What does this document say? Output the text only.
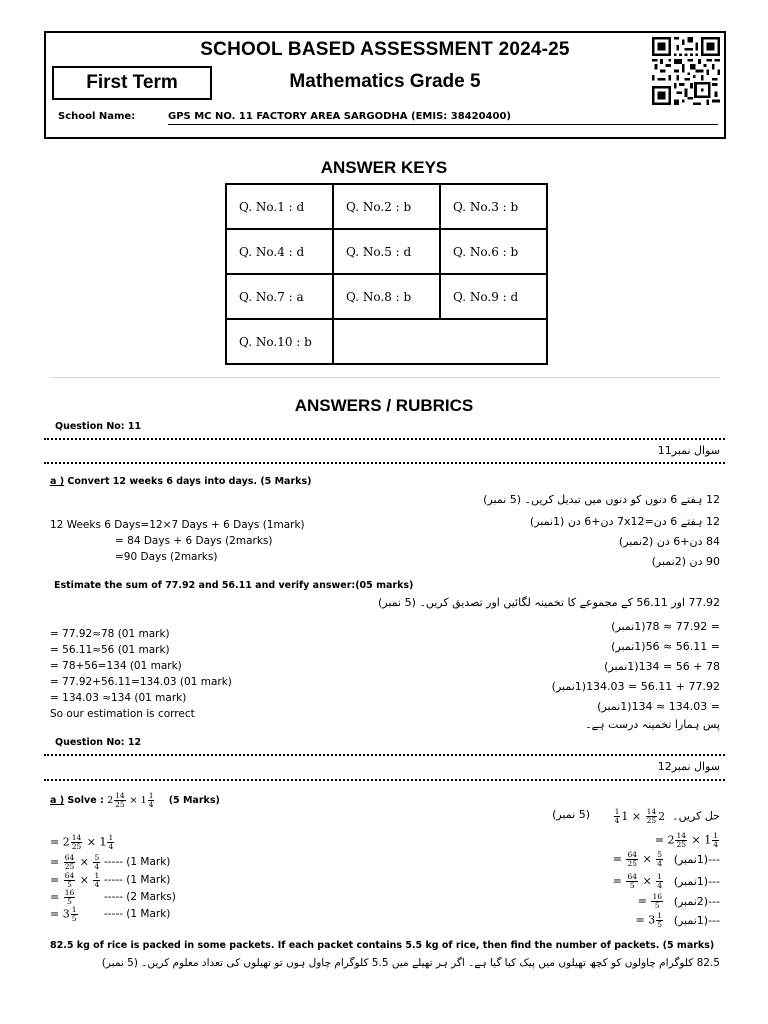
SCHOOL BASED ASSESSMENT 2024-25
First Term	Mathematics Grade 5
School Name:	GPS MC NO. 11 FACTORY AREA SARGODHA (EMIS: 38420400)
ANSWER KEYS
Q. No.1 : d	Q. No.2 : b	Q. No.3 : b
Q. No.4 : d	Q. No.5 : d	Q. No.6 : b
Q. No.7 : a	Q. No.8 : b	Q. No.9 : d
Q. No.10 : b		
ANSWERS / RUBRICS
Question No: 11
سوال نمبر11
a ) Convert 12 weeks 6 days into days. (5 Marks)
12 ہفتے 6 دنوں کو دنوں میں تبدیل کریں۔ (5 نمبر)
12 Weeks 6 Days=12×7 Days + 6 Days (1mark)
= 84 Days + 6 Days (2marks)
=90 Days (2marks)
12 ہفتے 6 دن=7x12 دن+6 دن (1نمبر)
84 دن+6 دن (2نمبر)
90 دن (2نمبر)
Estimate the sum of 77.92 and 56.11 and verify answer:(05 marks)
77.92 اور 56.11 کے مجموعے کا تخمینہ لگائیں اور تصدیق کریں۔ (5 نمبر)
= 77.92≈78 (01 mark)
= 56.11≈56 (01 mark)
= 78+56=134 (01 mark)
= 77.92+56.11=134.03 (01 mark)
= 134.03 ≈134 (01 mark)
So our estimation is correct
= 77.92 ≈ 78(1نمبر)
= 56.11 ≈ 56(1نمبر)
78 + 56 = 134(1نمبر)
77.92 + 56.11 = 134.03(1نمبر)
= 134.03 ≈ 134(1نمبر)
پس ہمارا تخمینہ درست ہے۔
Question No: 12
سوال نمبر12
a ) Solve : $2 \frac{14}{25} \times 1 \frac{1}{4} (5$ Marks)
حل کریں۔  2
$\frac{14}{25}$
× 1
$\frac{1}{4}$
(5 نمبر)
= $2 \frac{14}{25} \times 1 \frac{1}{4}$
= $\frac{64}{25} \times \frac{5}{4}$ ----- (1 Mark)
= $\frac{64}{5} \times \frac{1}{4}$ ----- (1 Mark)
= $\frac{16}{5}$	----- (2 Marks)
= $3 \frac{1}{5}$	----- (1 Mark)
= $2 \frac{14}{25} \times 1 \frac{1}{4}$
---(1نمبر)
= $\frac{64}{25} \times \frac{5}{4}$
---(1نمبر)
= $\frac{64}{5} \times \frac{1}{4}$
---(2نمبر)
= $\frac{16}{5}$
---(1نمبر)
= $3 \frac{1}{5}$
82.5 kg of rice is packed in some packets. If each packet contains 5.5 kg of rice, then find the number of packets. (5 marks)
82.5 کلوگرام چاولوں کو کچھ تھیلوں میں پیک کیا گیا ہے۔ اگر ہر تھیلے میں 5.5 کلوگرام چاول ہوں تو تھیلوں کی تعداد معلوم کریں۔ (5 نمبر)
